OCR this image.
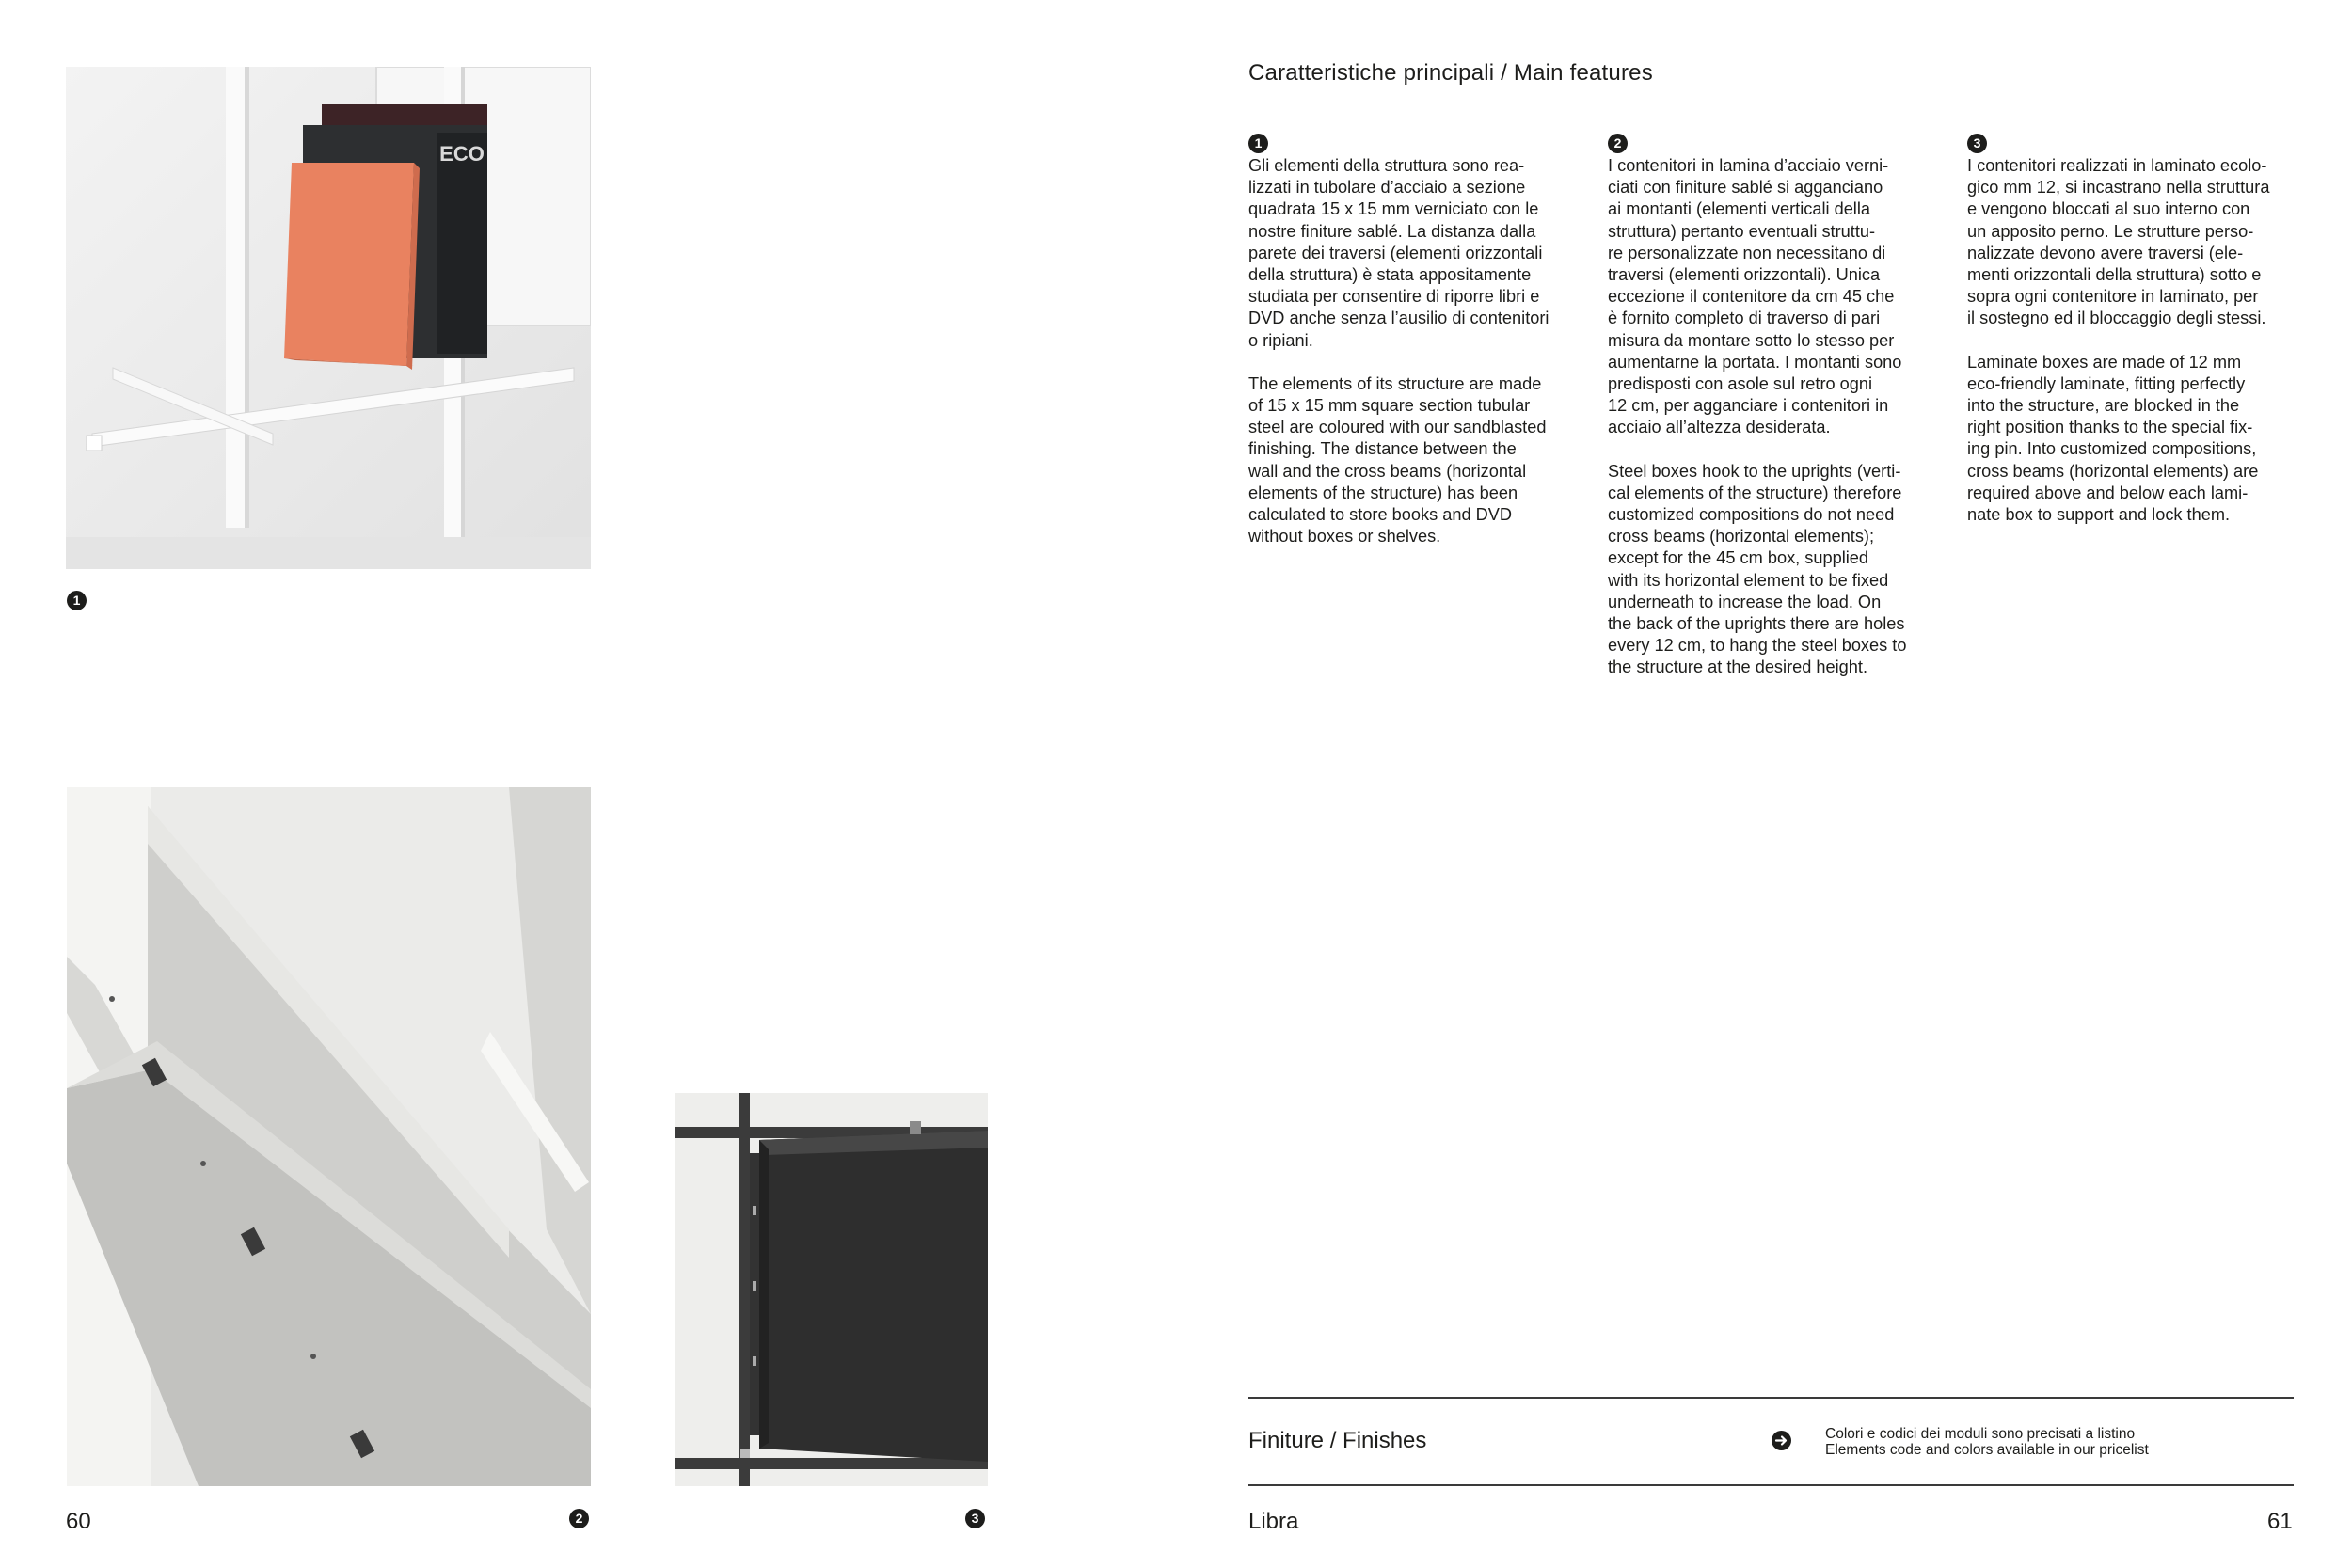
ECO
1
2	3
60
Caratteristiche principali / Main features
1

Gli elementi della struttura sono rea-
lizzati in tubolare d’acciaio a sezione
quadrata 15 x 15 mm verniciato con le
nostre finiture sablé. La distanza dalla
parete dei traversi (elementi orizzontali
della struttura) è stata appositamente
studiata per consentire di riporre libri e
DVD anche senza l’ausilio di contenitori
o ripiani.

The elements of its structure are made
of 15 x 15 mm square section tubular
steel are coloured with our sandblasted
finishing. The distance between the
wall and the cross beams (horizontal
elements of the structure) has been
calculated to store books and DVD
without boxes or shelves.

2

I contenitori in lamina d’acciaio verni-
ciati con finiture sablé si agganciano
ai montanti (elementi verticali della
struttura) pertanto eventuali struttu-
re personalizzate non necessitano di
traversi (elementi orizzontali). Unica
eccezione il contenitore da cm 45 che
è fornito completo di traverso di pari
misura da montare sotto lo stesso per
aumentarne la portata. I montanti sono
predisposti con asole sul retro ogni
12 cm, per agganciare i contenitori in
acciaio all’altezza desiderata.

Steel boxes hook to the uprights (verti-
cal elements of the structure) therefore
customized compositions do not need
cross beams (horizontal elements);
except for the 45 cm box, supplied
with its horizontal element to be fixed
underneath to increase the load. On
the back of the uprights there are holes
every 12 cm, to hang the steel boxes to
the structure at the desired height.

3

I contenitori realizzati in laminato ecolo-
gico mm 12, si incastrano nella struttura
e vengono bloccati al suo interno con
un apposito perno. Le strutture perso-
nalizzate devono avere traversi (ele-
menti orizzontali della struttura) sotto e
sopra ogni contenitore in laminato, per
il sostegno ed il bloccaggio degli stessi.

Laminate boxes are made of 12 mm
eco-friendly laminate, fitting perfectly
into the structure, are blocked in the
right position thanks to the special fix-
ing pin. Into customized compositions,
cross beams (horizontal elements) are
required above and below each lami-
nate box to support and lock them.

Finiture / Finishes	Colori e codici dei moduli sono precisati a listino
Elements code and colors available in our pricelist
Libra	61
